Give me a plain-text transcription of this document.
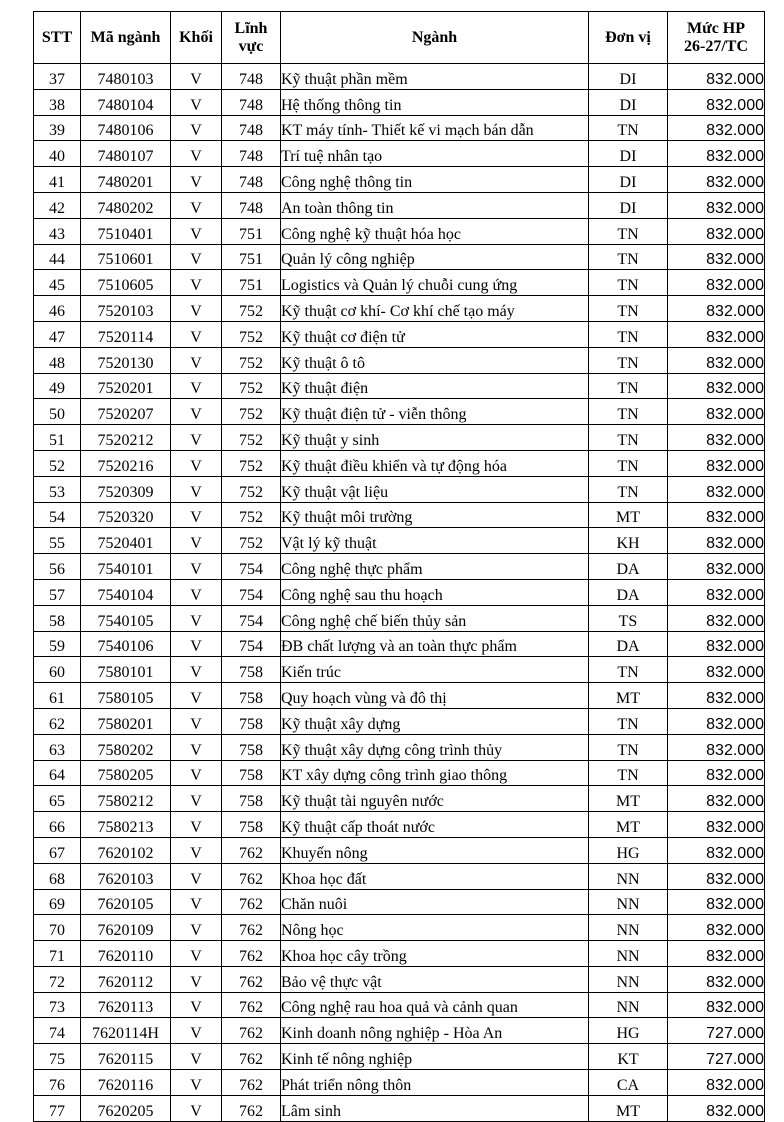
STT	Mã ngành	Khối	Lĩnh vực	Ngành	Đơn vị	Mức HP 26-27/TC
37	7480103	V	748	Kỹ thuật phần mềm	DI	832.000
38	7480104	V	748	Hệ thống thông tin	DI	832.000
39	7480106	V	748	KT máy tính- Thiết kế vi mạch bán dẫn	TN	832.000
40	7480107	V	748	Trí tuệ nhân tạo	DI	832.000
41	7480201	V	748	Công nghệ thông tin	DI	832.000
42	7480202	V	748	An toàn thông tin	DI	832.000
43	7510401	V	751	Công nghệ kỹ thuật hóa học	TN	832.000
44	7510601	V	751	Quản lý công nghiệp	TN	832.000
45	7510605	V	751	Logistics và Quản lý chuỗi cung ứng	TN	832.000
46	7520103	V	752	Kỹ thuật cơ khí- Cơ khí chế tạo máy	TN	832.000
47	7520114	V	752	Kỹ thuật cơ điện tử	TN	832.000
48	7520130	V	752	Kỹ thuật ô tô	TN	832.000
49	7520201	V	752	Kỹ thuật điện	TN	832.000
50	7520207	V	752	Kỹ thuật điện tử - viễn thông	TN	832.000
51	7520212	V	752	Kỹ thuật y sinh	TN	832.000
52	7520216	V	752	Kỹ thuật điều khiển và tự động hóa	TN	832.000
53	7520309	V	752	Kỹ thuật vật liệu	TN	832.000
54	7520320	V	752	Kỹ thuật môi trường	MT	832.000
55	7520401	V	752	Vật lý kỹ thuật	KH	832.000
56	7540101	V	754	Công nghệ thực phẩm	DA	832.000
57	7540104	V	754	Công nghệ sau thu hoạch	DA	832.000
58	7540105	V	754	Công nghệ chế biến thủy sản	TS	832.000
59	7540106	V	754	ĐB chất lượng và an toàn thực phẩm	DA	832.000
60	7580101	V	758	Kiến trúc	TN	832.000
61	7580105	V	758	Quy hoạch vùng và đô thị	MT	832.000
62	7580201	V	758	Kỹ thuật xây dựng	TN	832.000
63	7580202	V	758	Kỹ thuật xây dựng công trình thủy	TN	832.000
64	7580205	V	758	KT xây dựng công trình giao thông	TN	832.000
65	7580212	V	758	Kỹ thuật tài nguyên nước	MT	832.000
66	7580213	V	758	Kỹ thuật cấp thoát nước	MT	832.000
67	7620102	V	762	Khuyến nông	HG	832.000
68	7620103	V	762	Khoa học đất	NN	832.000
69	7620105	V	762	Chăn nuôi	NN	832.000
70	7620109	V	762	Nông học	NN	832.000
71	7620110	V	762	Khoa học cây trồng	NN	832.000
72	7620112	V	762	Bảo vệ thực vật	NN	832.000
73	7620113	V	762	Công nghệ rau hoa quả và cảnh quan	NN	832.000
74	7620114H	V	762	Kinh doanh nông nghiệp - Hòa An	HG	727.000
75	7620115	V	762	Kinh tế nông nghiệp	KT	727.000
76	7620116	V	762	Phát triển nông thôn	CA	832.000
77	7620205	V	762	Lâm sinh	MT	832.000
